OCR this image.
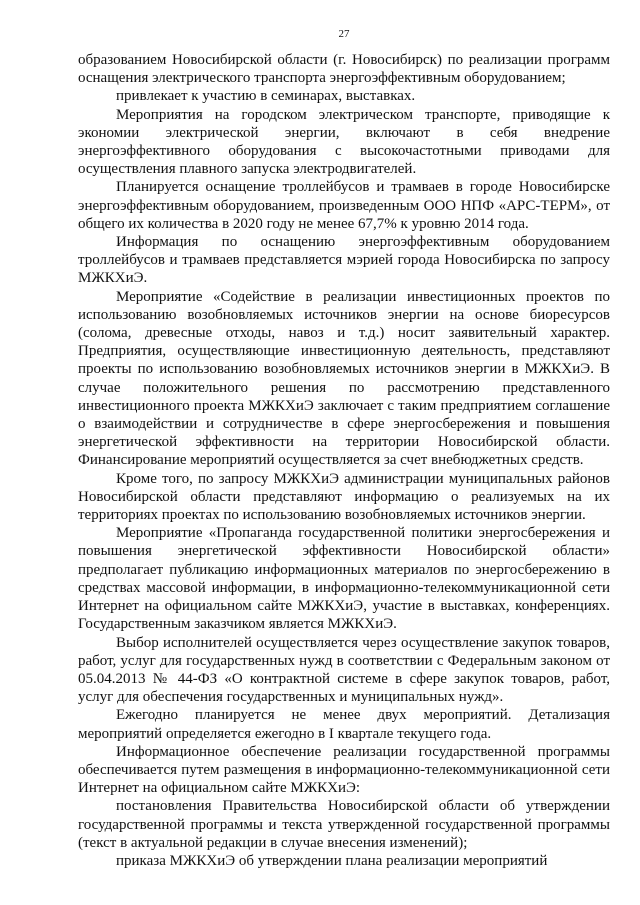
27

образованием Новосибирской области (г. Новосибирск) по реализации программ оснащения электрического транспорта энергоэффективным оборудованием;

привлекает к участию в семинарах, выставках.

Мероприятия на городском электрическом транспорте, приводящие к экономии электрической энергии, включают в себя внедрение энергоэффективного оборудования с высокочастотными приводами для осуществления плавного запуска электродвигателей.

Планируется оснащение троллейбусов и трамваев в городе Новосибирске энергоэффективным оборудованием, произведенным ООО НПФ «АРС-ТЕРМ», от общего их количества в 2020 году не менее 67,7% к уровню 2014 года.

Информация по оснащению энергоэффективным оборудованием троллейбусов и трамваев представляется мэрией города Новосибирска по запросу МЖКХиЭ.

Мероприятие «Содействие в реализации инвестиционных проектов по использованию возобновляемых источников энергии на основе биоресурсов (солома, древесные отходы, навоз и т.д.) носит заявительный характер. Предприятия, осуществляющие инвестиционную деятельность, представляют проекты по использованию возобновляемых источников энергии в МЖКХиЭ. В случае положительного решения по рассмотрению представленного инвестиционного проекта МЖКХиЭ заключает с таким предприятием соглашение о взаимодействии и сотрудничестве в сфере энергосбережения и повышения энергетической эффективности на территории Новосибирской области. Финансирование мероприятий осуществляется за счет внебюджетных средств.

Кроме того, по запросу МЖКХиЭ администрации муниципальных районов Новосибирской области представляют информацию о реализуемых на их территориях проектах по использованию возобновляемых источников энергии.

Мероприятие «Пропаганда государственной политики энергосбережения и повышения энергетической эффективности Новосибирской области» предполагает публикацию информационных материалов по энергосбережению в средствах массовой информации, в информационно-телекоммуникационной сети Интернет на официальном сайте МЖКХиЭ, участие в выставках, конференциях. Государственным заказчиком является МЖКХиЭ.

Выбор исполнителей осуществляется через осуществление закупок товаров, работ, услуг для государственных нужд в соответствии с Федеральным законом от 05.04.2013 № 44-ФЗ «О контрактной системе в сфере закупок товаров, работ, услуг для обеспечения государственных и муниципальных нужд».

Ежегодно планируется не менее двух мероприятий. Детализация мероприятий определяется ежегодно в I квартале текущего года.

Информационное обеспечение реализации государственной программы обеспечивается путем размещения в информационно-телекоммуникационной сети Интернет на официальном сайте МЖКХиЭ:

постановления Правительства Новосибирской области об утверждении государственной программы и текста утвержденной государственной программы (текст в актуальной редакции в случае внесения изменений);

приказа МЖКХиЭ об утверждении плана реализации мероприятий
